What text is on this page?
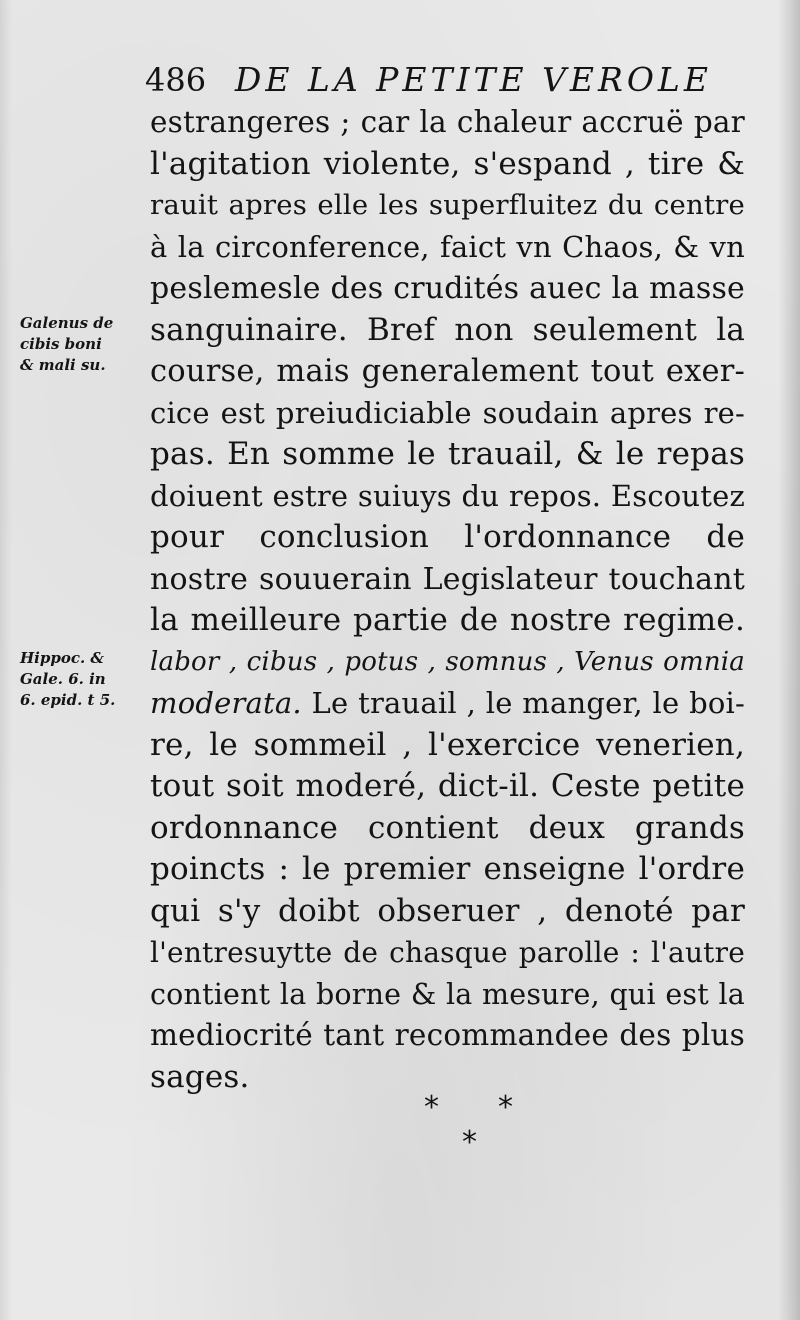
486 DE LA PETITE VEROLE
estrangeres ; car la chaleur accruë par
l'agitation violente, s'espand , tire &
rauit apres elle les superfluitez du centre
à la circonference, faict vn Chaos, & vn
peslemesle des crudités auec la masse
sanguinaire. Bref non seulement la
course, mais generalement tout exer-
cice est preiudiciable soudain apres re-
pas. En somme le trauail, & le repas
doiuent estre suiuys du repos. Escoutez
pour conclusion l'ordonnance de
nostre souuerain Legislateur touchant
la meilleure partie de nostre regime.
labor , cibus , potus , somnus , Venus omnia
moderata. Le trauail , le manger, le boi-
re, le sommeil , l'exercice venerien,
tout soit moderé, dict-il. Ceste petite
ordonnance contient deux grands
poincts : le premier enseigne l'ordre
qui s'y doibt obseruer , denoté par
l'entresuytte de chasque parolle : l'autre
contient la borne & la mesure, qui est la
mediocrité tant recommandee des plus
sages.
Galenus de
cibis boni
& mali su.
Hippoc. &
Gale. 6. in
6. epid. t 5.
* *
*
